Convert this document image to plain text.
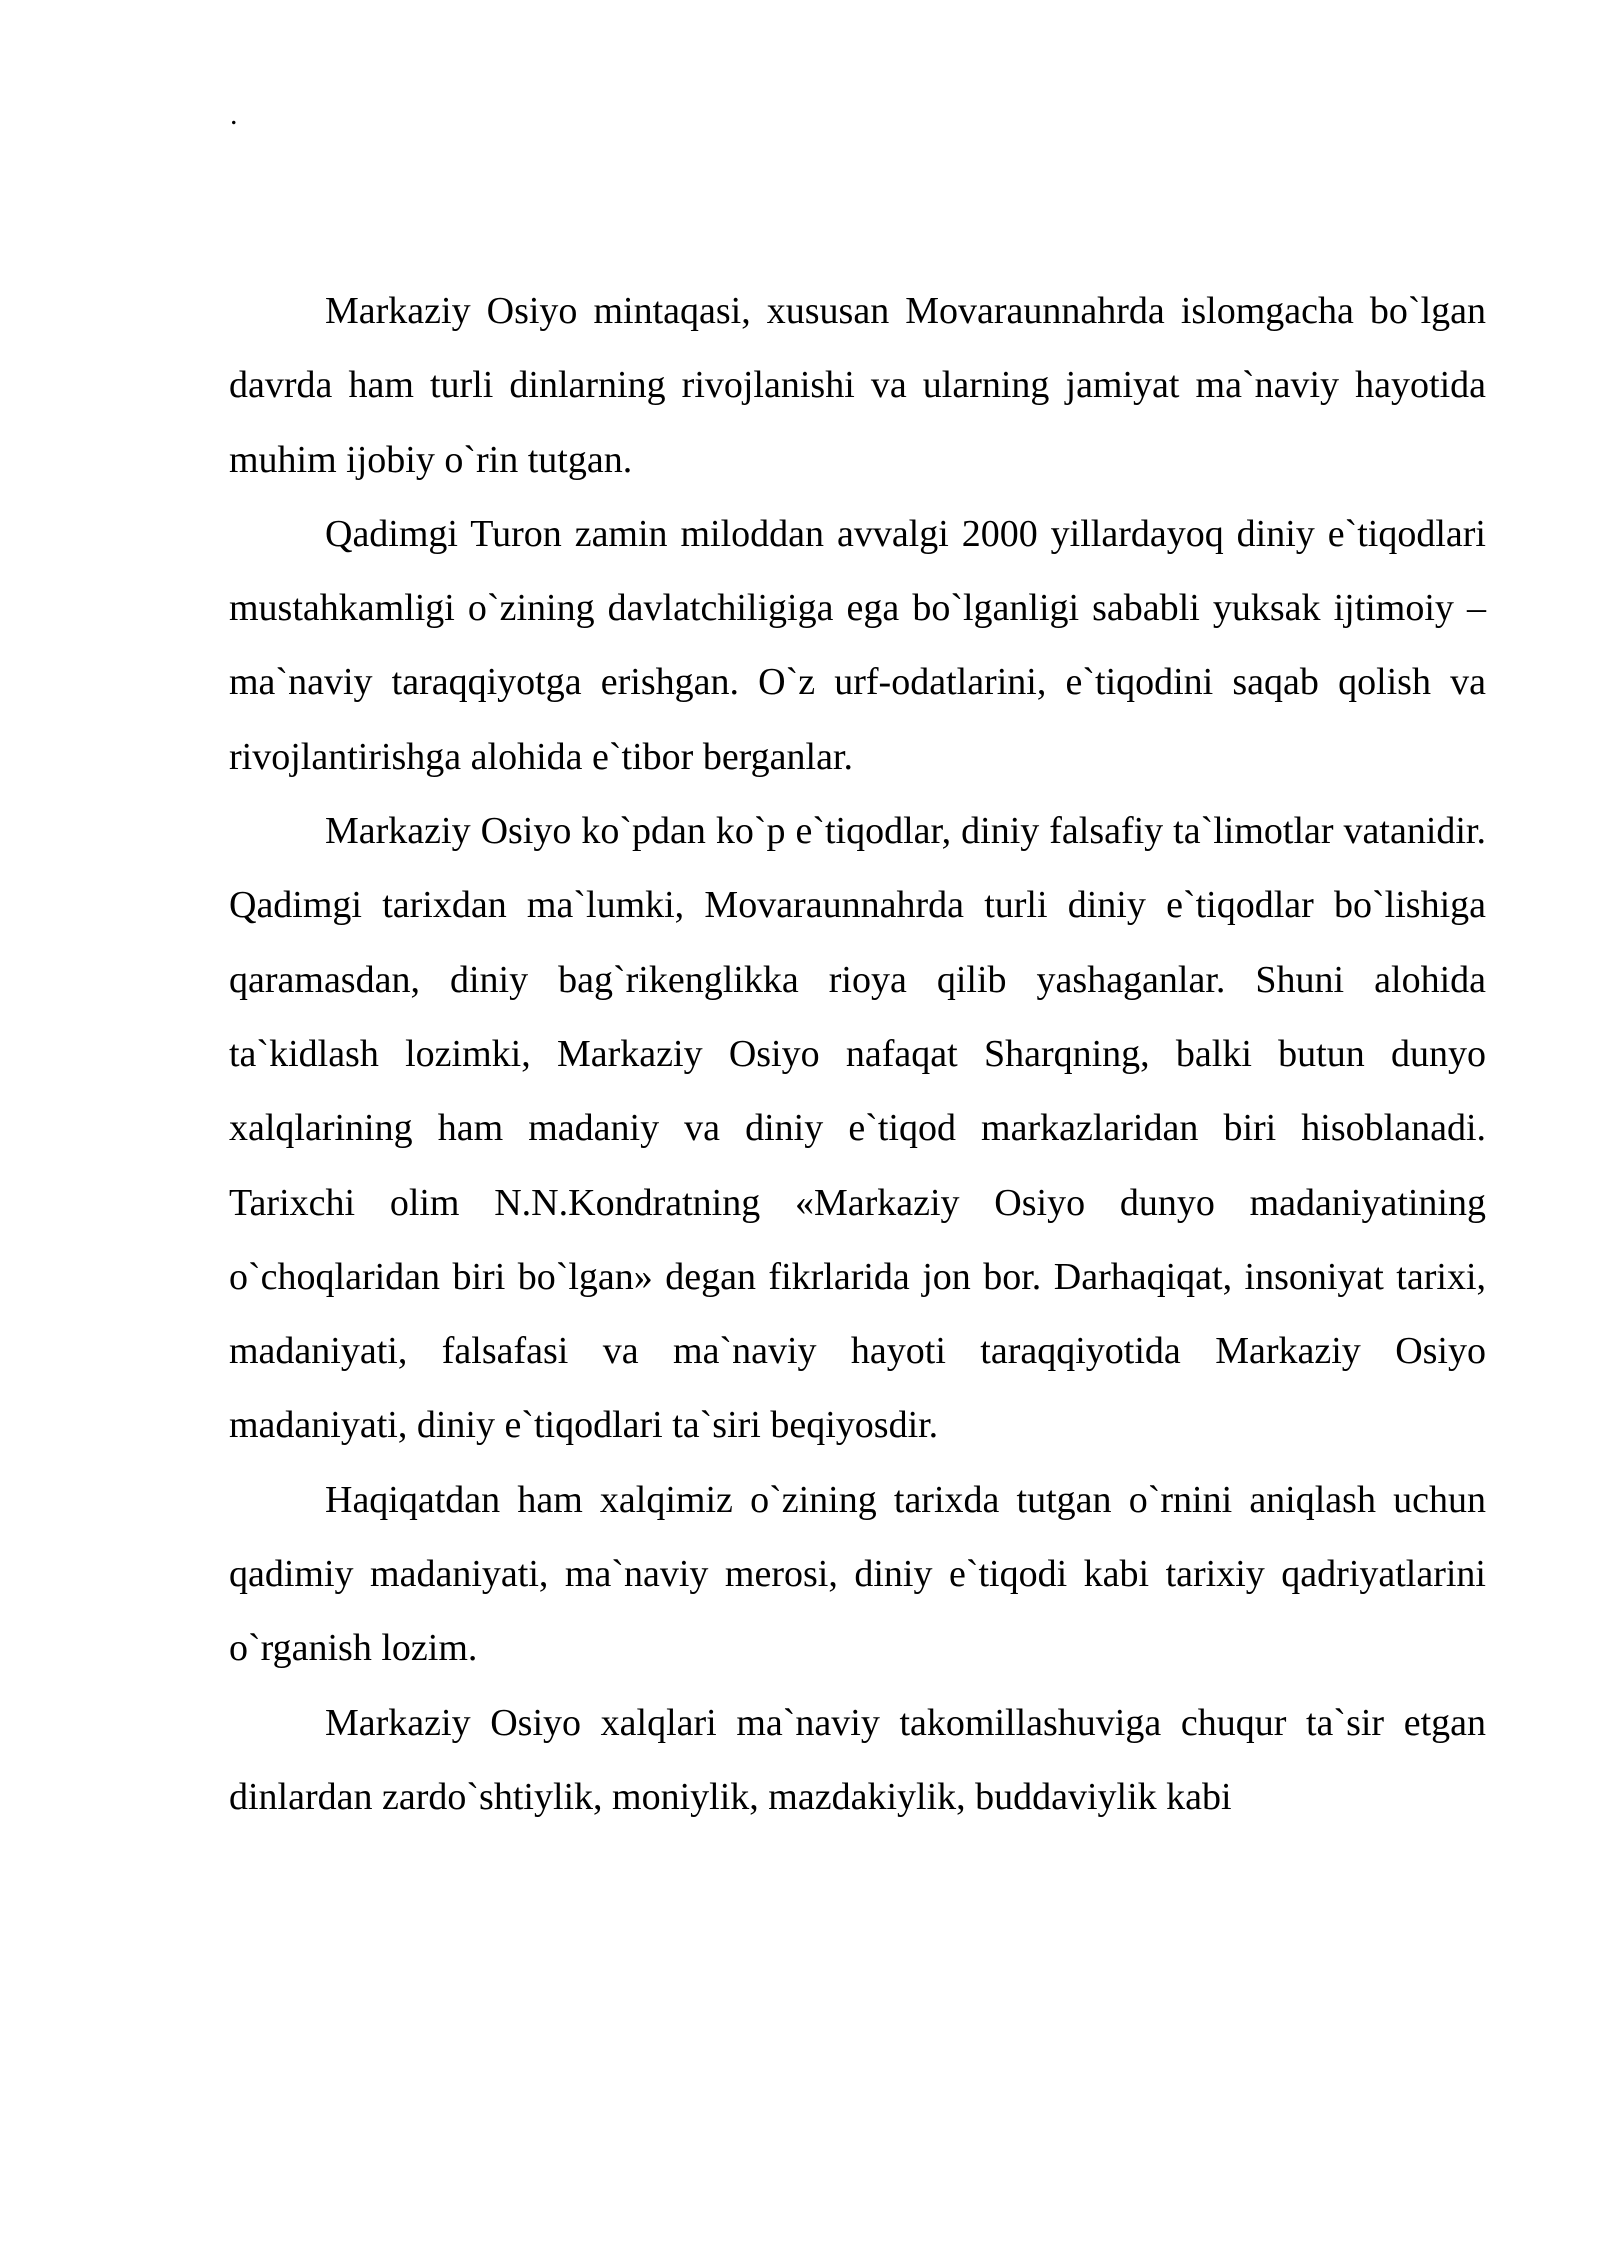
.

Markaziy Osiyo mintaqasi, xususan Movaraunnahrda islomgacha bo`lgan davrda ham turli dinlarning rivojlanishi va ularning jamiyat ma`naviy hayotida muhim ijobiy o`rin tutgan.

Qadimgi Turon zamin miloddan avvalgi 2000 yillardayoq diniy e`tiqodlari mustahkamligi o`zining davlatchiligiga ega bo`lganligi sababli yuksak ijtimoiy – ma`naviy taraqqiyotga erishgan. O`z urf-odatlarini, e`tiqodini saqab qolish va rivojlantirishga alohida e`tibor berganlar.

Markaziy Osiyo ko`pdan ko`p e`tiqodlar, diniy falsafiy ta`limotlar vatanidir. Qadimgi tarixdan ma`lumki, Movaraunnahrda turli diniy e`tiqodlar bo`lishiga qaramasdan, diniy bag`rikenglikka rioya qilib yashaganlar. Shuni alohida ta`kidlash lozimki, Markaziy Osiyo nafaqat Sharqning, balki butun dunyo xalqlarining ham madaniy va diniy e`tiqod markazlaridan biri hisoblanadi. Tarixchi olim N.N.Kondratning «Markaziy Osiyo dunyo madaniyatining o`choqlaridan biri bo`lgan» degan fikrlarida jon bor. Darhaqiqat, insoniyat tarixi, madaniyati, falsafasi va ma`naviy hayoti taraqqiyotida Markaziy Osiyo madaniyati, diniy e`tiqodlari ta`siri beqiyosdir.

Haqiqatdan ham xalqimiz o`zining tarixda tutgan o`rnini aniqlash uchun qadimiy madaniyati, ma`naviy merosi, diniy e`tiqodi kabi tarixiy qadriyatlarini o`rganish lozim.

Markaziy Osiyo xalqlari ma`naviy takomillashuviga chuqur ta`sir etgan dinlardan zardo`shtiylik, moniylik, mazdakiylik, buddaviylik kabi
